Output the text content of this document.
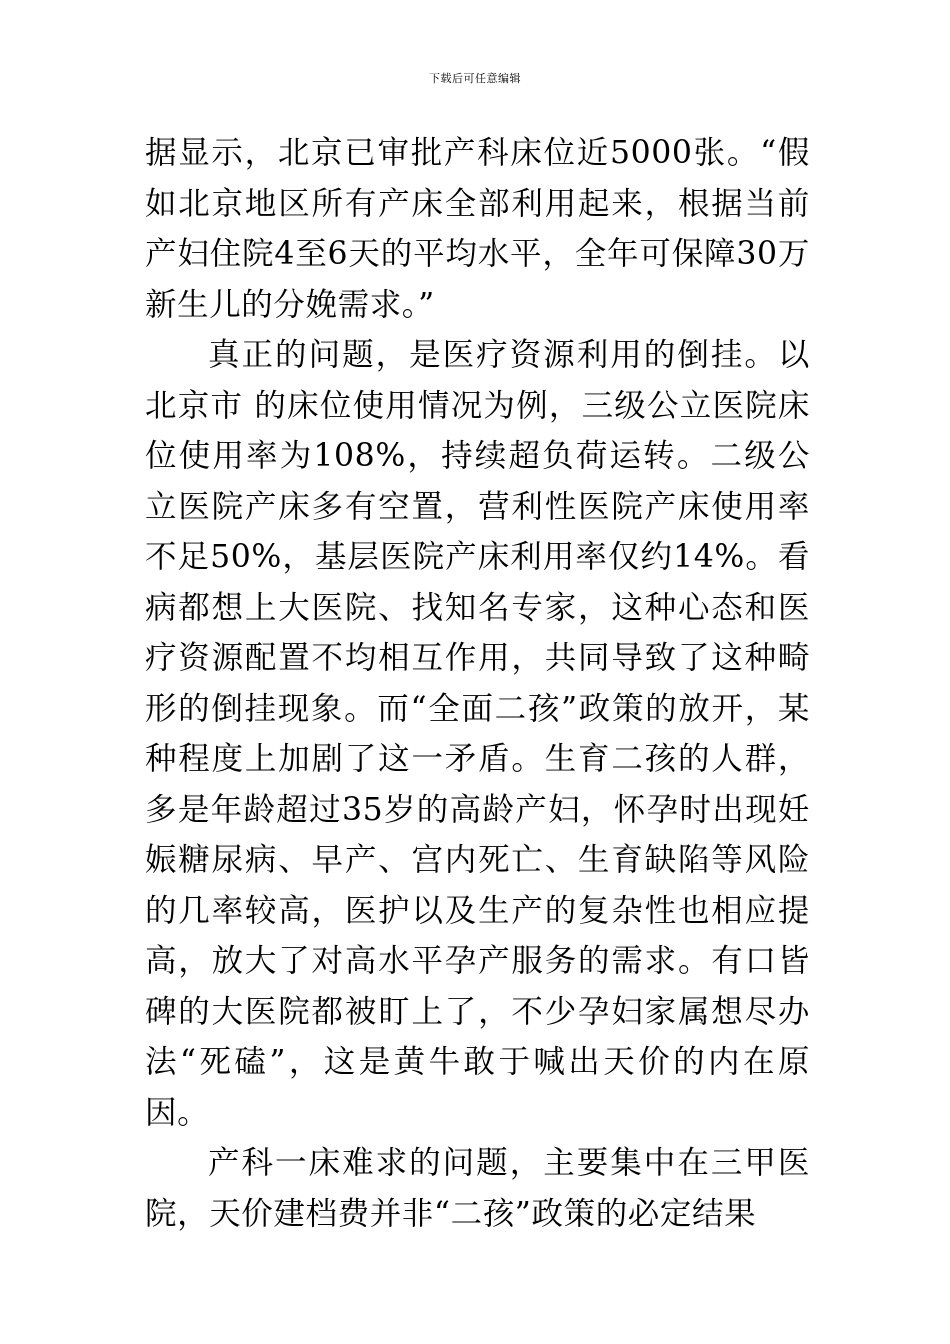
下载后可任意编辑

据显示，北京已审批产科床位近5000张。“假如北京地区所有产床全部利用起来，根据当前产妇住院4至6天的平均水平，全年可保障30万新生儿的分娩需求。”

真正的问题，是医疗资源利用的倒挂。以北京市 的床位使用情况为例，三级公立医院床位使用率为108%，持续超负荷运转。二级公立医院产床多有空置，营利性医院产床使用率不足50%，基层医院产床利用率仅约14%。看病都想上大医院、找知名专家，这种心态和医疗资源配置不均相互作用，共同导致了这种畸形的倒挂现象。而“全面二孩”政策的放开，某种程度上加剧了这一矛盾。生育二孩的人群，多是年龄超过35岁的高龄产妇，怀孕时出现妊娠糖尿病、早产、宫内死亡、生育缺陷等风险的几率较高，医护以及生产的复杂性也相应提高，放大了对高水平孕产服务的需求。有口皆碑的大医院都被盯上了，不少孕妇家属想尽办法“死磕”，这是黄牛敢于喊出天价的内在原因。

产科一床难求的问题，主要集中在三甲医院，天价建档费并非“二孩”政策的必定结果
